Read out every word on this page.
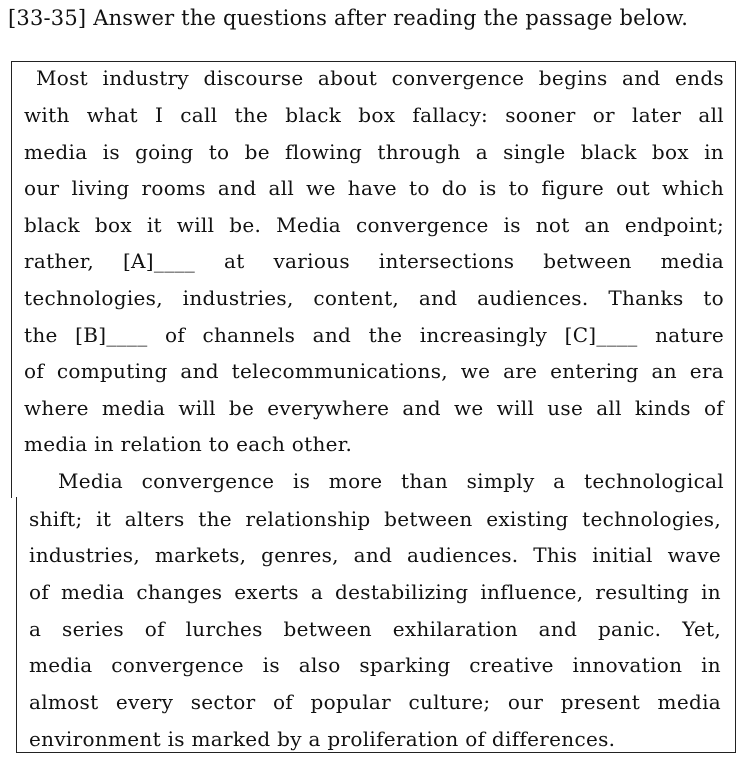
[33-35] Answer the questions after reading the passage below.
Most industry discourse about convergence begins and ends
with what I call the black box fallacy: sooner or later all
media is going to be flowing through a single black box in
our living rooms and all we have to do is to figure out which
black box it will be. Media convergence is not an endpoint;
rather, [A]____ at various intersections between media
technologies, industries, content, and audiences. Thanks to
the [B]____ of channels and the increasingly [C]____ nature
of computing and telecommunications, we are entering an era
where media will be everywhere and we will use all kinds of
media in relation to each other.
Media convergence is more than simply a technological
shift; it alters the relationship between existing technologies,
industries, markets, genres, and audiences. This initial wave
of media changes exerts a destabilizing influence, resulting in
a series of lurches between exhilaration and panic. Yet,
media convergence is also sparking creative innovation in
almost every sector of popular culture; our present media
environment is marked by a proliferation of differences.
